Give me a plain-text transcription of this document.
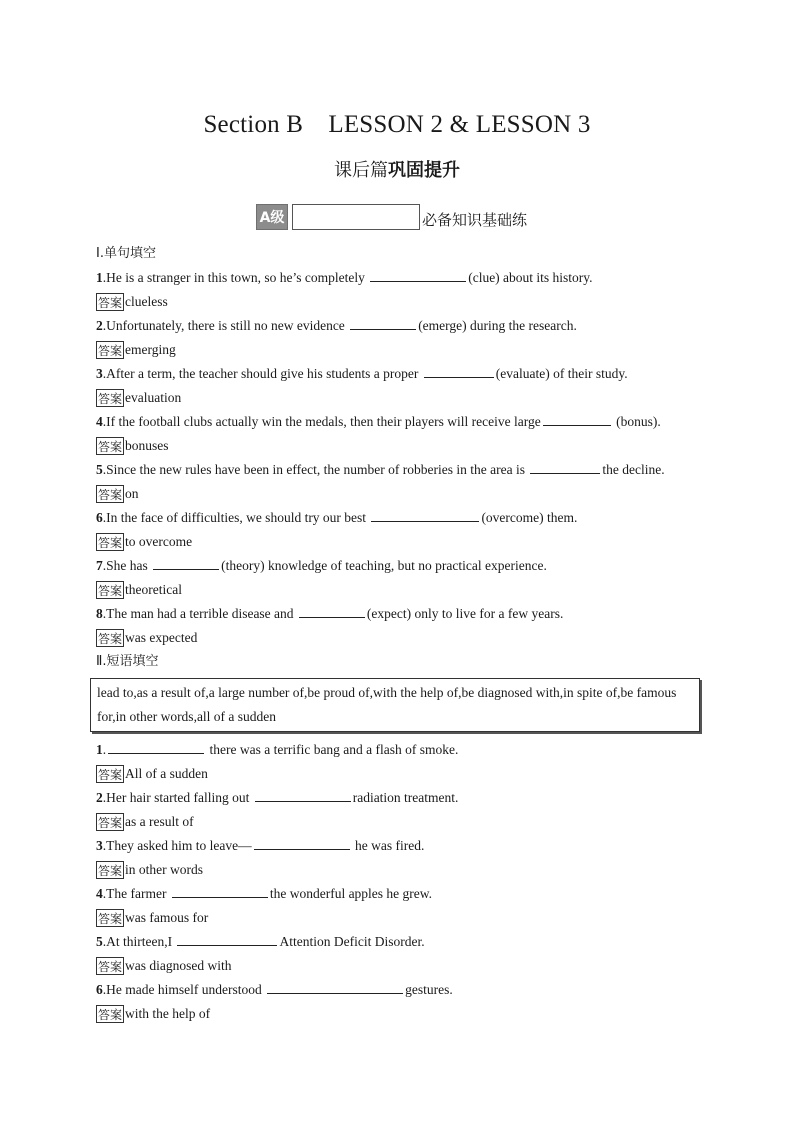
Section B　LESSON 2 & LESSON 3
课后篇巩固提升
A级	必备知识基础练
Ⅰ.单句填空
1.He is a stranger in this town, so he’s completely	(clue) about its history.
答案 clueless
2.Unfortunately, there is still no new evidence	(emerge) during the research.
答案 emerging
3.After a term, the teacher should give his students a proper	(evaluate) of their study.
答案 evaluation
4.If the football clubs actually win the medals, then their players will receive large	(bonus).
答案 bonuses
5.Since the new rules have been in effect, the number of robberies in the area is	the decline.
答案 on
6.In the face of difficulties, we should try our best	(overcome) them.
答案 to overcome
7.She has	(theory) knowledge of teaching, but no practical experience.
答案 theoretical
8.The man had a terrible disease and	(expect) only to live for a few years.
答案 was expected
Ⅱ.短语填空
lead to,as a result of,a large number of,be proud of,with the help of,be diagnosed with,in spite of,be famous for,in other words,all of a sudden
1.	there was a terrific bang and a flash of smoke.
答案 All of a sudden
2.Her hair started falling out	radiation treatment.
答案 as a result of
3.They asked him to leave—	he was fired.
答案 in other words
4.The farmer	the wonderful apples he grew.
答案 was famous for
5.At thirteen,I	Attention Deficit Disorder.
答案 was diagnosed with
6.He made himself understood	gestures.
答案 with the help of
